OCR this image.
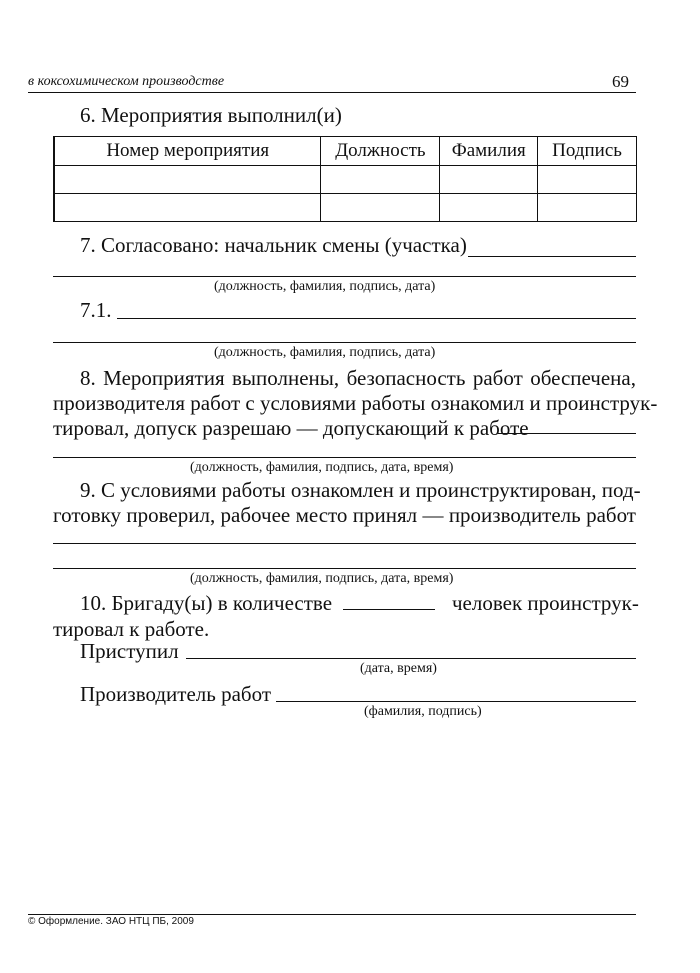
в коксохимическом производстве	69
6. Мероприятия выполнил(и)
Номер мероприятия	Должность	Фамилия	Подпись

7. Согласовано: начальник смены (участка)
(должность, фамилия, подпись, дата)
7.1.
(должность, фамилия, подпись, дата)
8. Мероприятия выполнены, безопасность работ обеспечена,
производителя работ с условиями работы ознакомил и проинструк-
тировал, допуск разрешаю — допускающий к работе
(должность, фамилия, подпись, дата, время)
9. С условиями работы ознакомлен и проинструктирован, под-
готовку проверил, рабочее место принял — производитель работ
(должность, фамилия, подпись, дата, время)
10. Бригаду(ы) в количестве	человек проинструк-
тировал к работе.
Приступил
(дата, время)
Производитель работ
(фамилия, подпись)
© Оформление. ЗАО НТЦ ПБ, 2009
